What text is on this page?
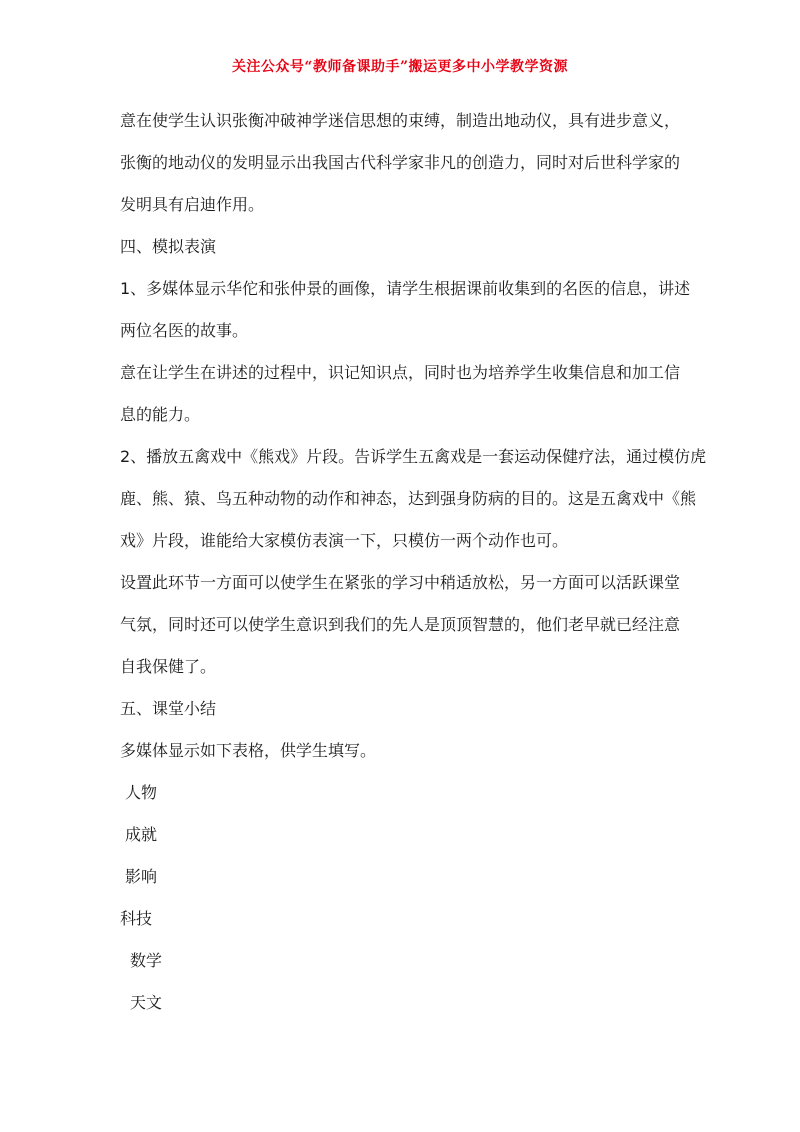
关注公众号“教师备课助手”搬运更多中小学教学资源
意在使学生认识张衡冲破神学迷信思想的束缚，制造出地动仪，具有进步意义，
张衡的地动仪的发明显示出我国古代科学家非凡的创造力，同时对后世科学家的
发明具有启迪作用。
四、模拟表演
1、多媒体显示华佗和张仲景的画像，请学生根据课前收集到的名医的信息，讲述
两位名医的故事。
意在让学生在讲述的过程中，识记知识点，同时也为培养学生收集信息和加工信
息的能力。
2、播放五禽戏中《熊戏》片段。告诉学生五禽戏是一套运动保健疗法，通过模仿虎
鹿、熊、猿、鸟五种动物的动作和神态，达到强身防病的目的。这是五禽戏中《熊
戏》片段，谁能给大家模仿表演一下，只模仿一两个动作也可。
设置此环节一方面可以使学生在紧张的学习中稍适放松，另一方面可以活跃课堂
气氛，同时还可以使学生意识到我们的先人是顶顶智慧的，他们老早就已经注意
自我保健了。
五、课堂小结
多媒体显示如下表格，供学生填写。
人物
成就
影响
科技
数学
天文
